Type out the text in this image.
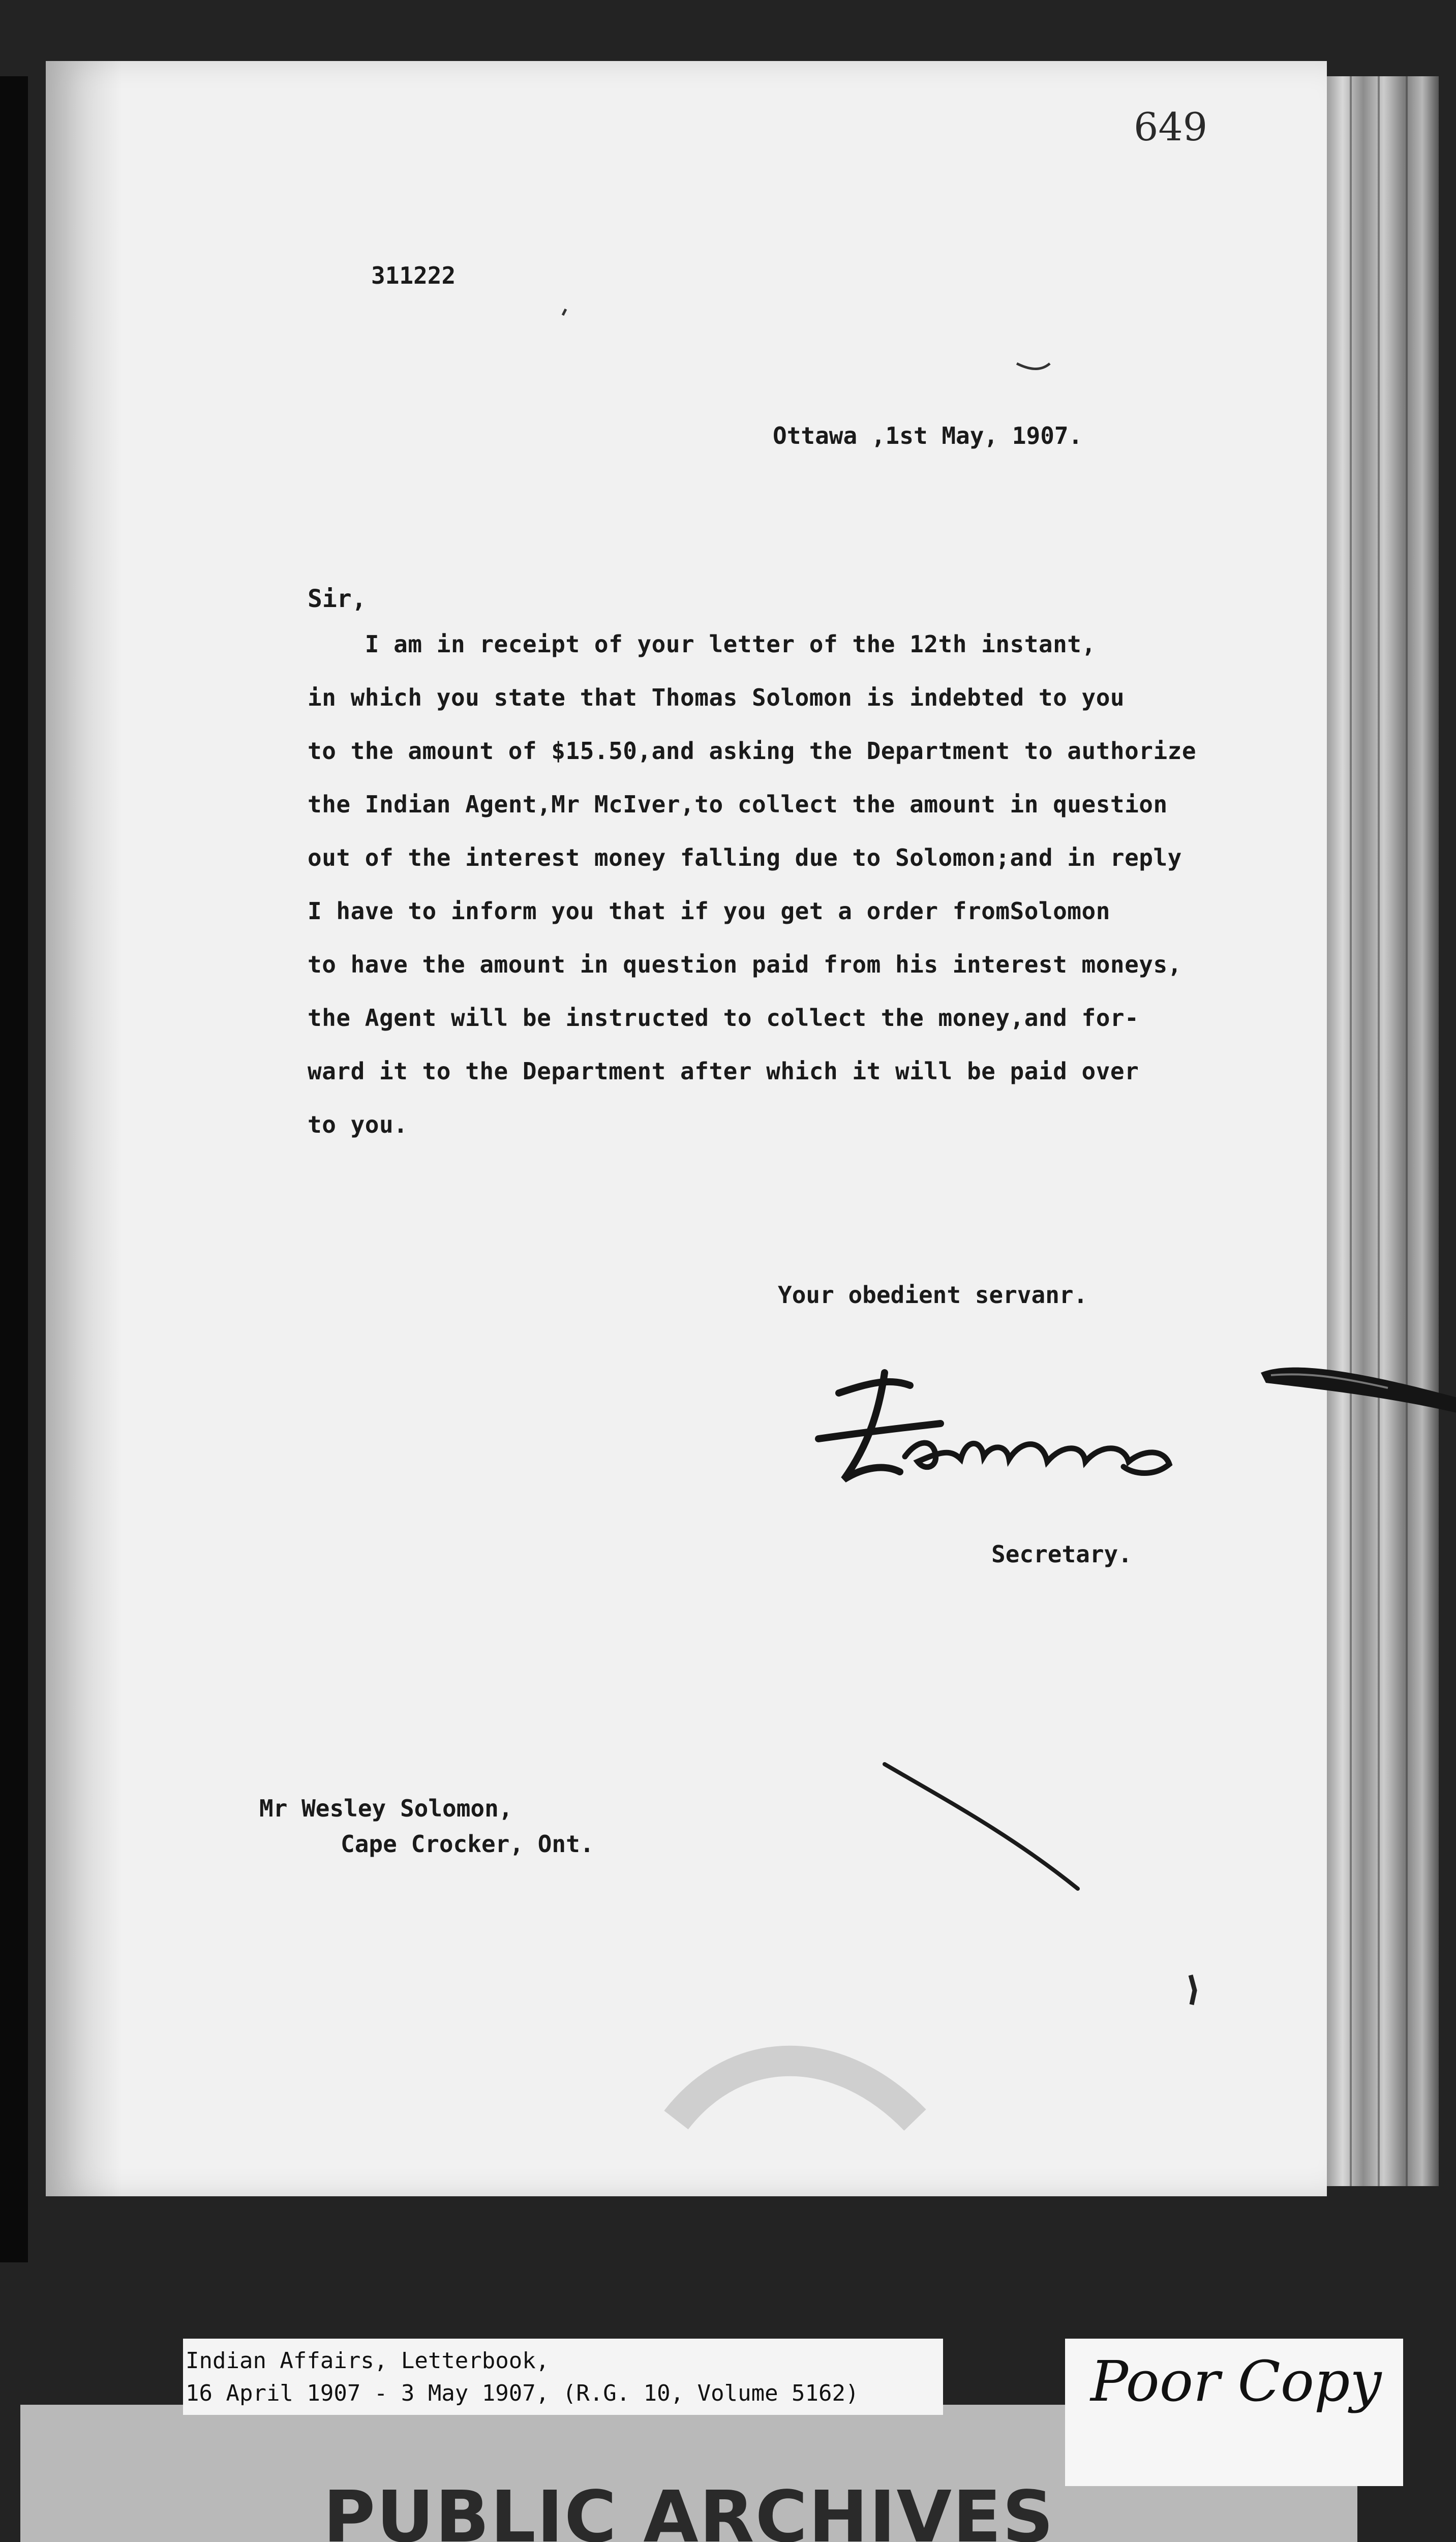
649
311222
Ottawa ,1st May, 1907.
Sir,
I am in receipt of your letter of the 12th instant,
in which you state that Thomas Solomon is indebted to you
to the amount of $15.50,and asking the Department to authorize
the Indian Agent,Mr McIver,to collect the amount in question
out of the interest money falling due to Solomon;and in reply
I have to inform you that if you get a order fromSolomon
to have the amount in question paid from his interest moneys,
the Agent will be instructed to collect the money,and for-
ward it to the Department after which it will be paid over
to you.
Your obedient servanr.
Secretary.
Mr Wesley Solomon,
Cape Crocker, Ont.
PUBLIC ARCHIVES
Indian Affairs, Letterbook,
16 April 1907 - 3 May 1907, (R.G. 10, Volume 5162)	Poor Copy
